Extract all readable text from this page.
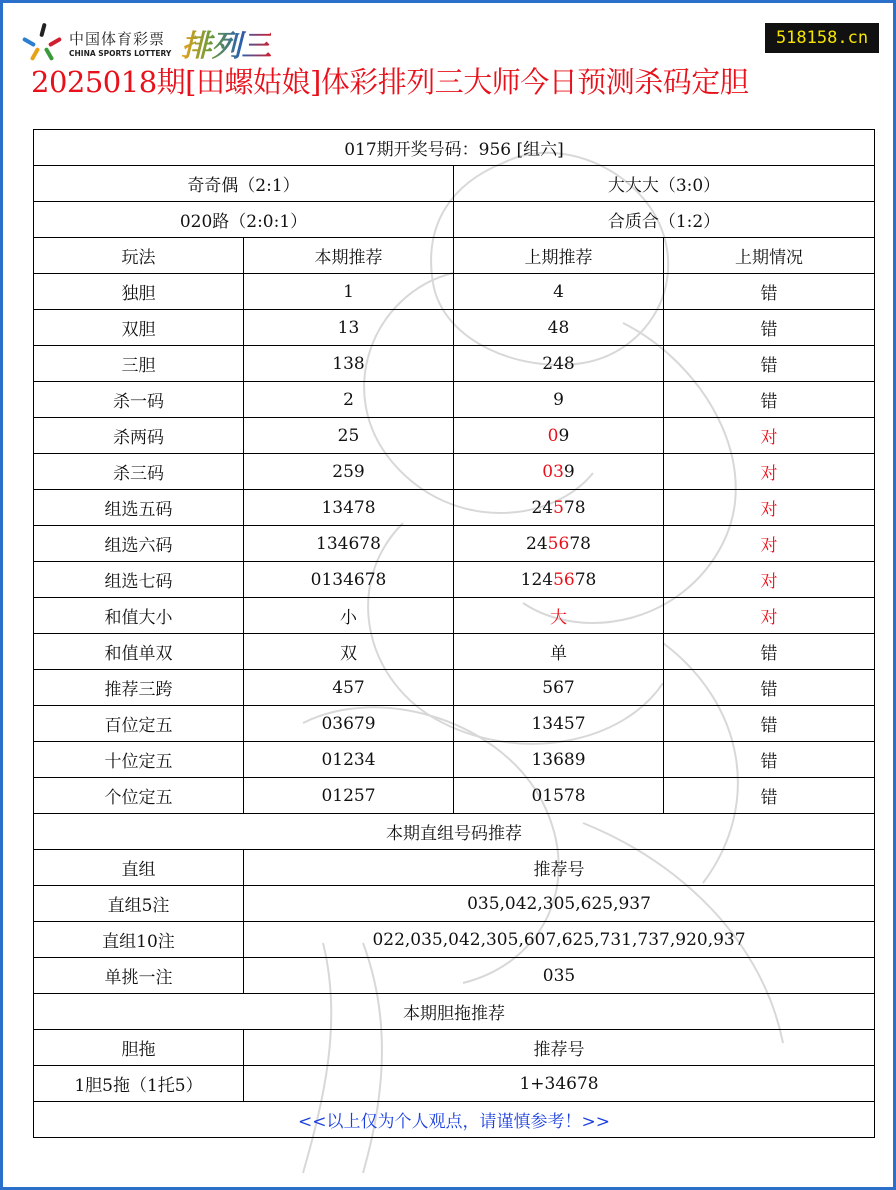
中国体育彩票
CHINA SPORTS LOTTERY 排列三	518158.cn
2025018期[田螺姑娘]体彩排列三大师今日预测杀码定胆
017期开奖号码：956 [组六]			
奇奇偶（2:1）		大大大（3:0）	
020路（2:0:1）		合质合（1:2）	
玩法	本期推荐	上期推荐	上期情况
独胆	1	4	错
双胆	13	48	错
三胆	138	248	错
杀一码	2	9	错
杀两码	25	09	对
杀三码	259	039	对
组选五码	13478	24578	对
组选六码	134678	245678	对
组选七码	0134678	1245678	对
和值大小	小	大	对
和值单双	双	单	错
推荐三跨	457	567	错
百位定五	03679	13457	错
十位定五	01234	13689	错
个位定五	01257	01578	错
本期直组号码推荐			
直组	推荐号		
直组5注	035,042,305,625,937		
直组10注	022,035,042,305,607,625,731,737,920,937		
单挑一注	035		
本期胆拖推荐			
胆拖	推荐号		
1胆5拖（1托5）	1+34678		
<<以上仅为个人观点，请谨慎参考！>>			
